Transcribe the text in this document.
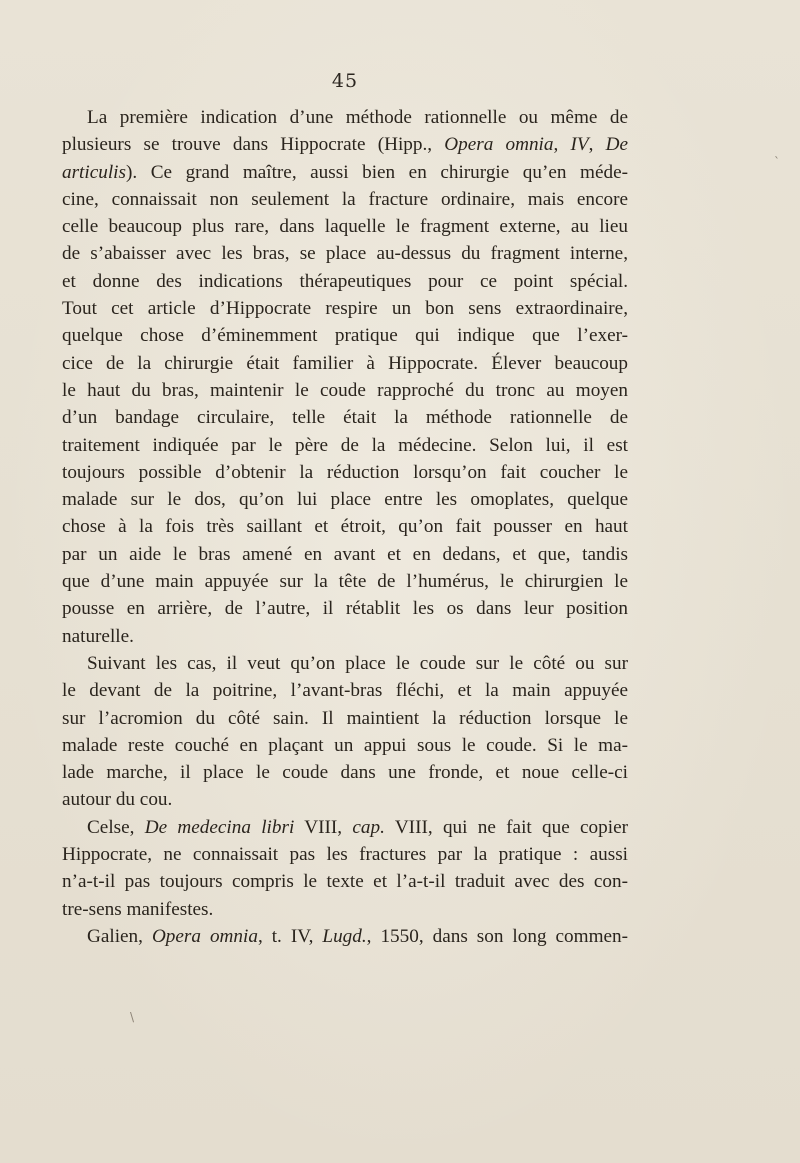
45
La première indication d’une méthode rationnelle ou même de
plusieurs se trouve dans Hippocrate (Hipp., Opera omnia, IV, De
articulis). Ce grand maître, aussi bien en chirurgie qu’en méde-
cine, connaissait non seulement la fracture ordinaire, mais encore
celle beaucoup plus rare, dans laquelle le fragment externe, au lieu
de s’abaisser avec les bras, se place au-dessus du fragment interne,
et donne des indications thérapeutiques pour ce point spécial.
Tout cet article d’Hippocrate respire un bon sens extraordinaire,
quelque chose d’éminemment pratique qui indique que l’exer-
cice de la chirurgie était familier à Hippocrate. Élever beaucoup
le haut du bras, maintenir le coude rapproché du tronc au moyen
d’un bandage circulaire, telle était la méthode rationnelle de
traitement indiquée par le père de la médecine. Selon lui, il est
toujours possible d’obtenir la réduction lorsqu’on fait coucher le
malade sur le dos, qu’on lui place entre les omoplates, quelque
chose à la fois très saillant et étroit, qu’on fait pousser en haut
par un aide le bras amené en avant et en dedans, et que, tandis
que d’une main appuyée sur la tête de l’humérus, le chirurgien le
pousse en arrière, de l’autre, il rétablit les os dans leur position
naturelle.
Suivant les cas, il veut qu’on place le coude sur le côté ou sur
le devant de la poitrine, l’avant-bras fléchi, et la main appuyée
sur l’acromion du côté sain. Il maintient la réduction lorsque le
malade reste couché en plaçant un appui sous le coude. Si le ma-
lade marche, il place le coude dans une fronde, et noue celle-ci
autour du cou.
Celse, De medecina libri VIII, cap. VIII, qui ne fait que copier
Hippocrate, ne connaissait pas les fractures par la pratique : aussi
n’a-t-il pas toujours compris le texte et l’a-t-il traduit avec des con-
tre-sens manifestes.
Galien, Opera omnia, t. IV, Lugd., 1550, dans son long commen-
`
\
